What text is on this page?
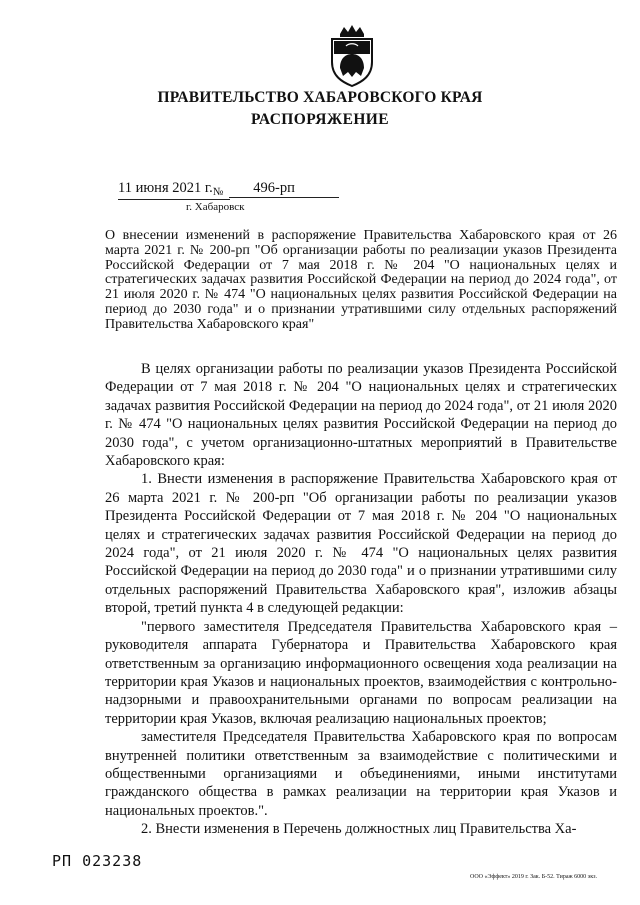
ПРАВИТЕЛЬСТВО ХАБАРОВСКОГО КРАЯ
РАСПОРЯЖЕНИЕ
11 июня 2021 $г._№$ 496-рп
г. Хабаровск
О внесении изменений в распоряжение Правительства Хабаровского края от 26 марта 2021 г. № 200-рп "Об организации работы по реализации указов Президента Российской Федерации от 7 мая 2018 г. № 204 "О национальных целях и стратегических задачах развития Российской Федерации на период до 2024 года", от 21 июля 2020 г. № 474 "О национальных целях развития Российской Федерации на период до 2030 года" и о признании утратившими силу отдельных распоряжений Правительства Хабаровского края"

В целях организации работы по реализации указов Президента Российской Федерации от 7 мая 2018 г. № 204 "О национальных целях и стратегических задачах развития Российской Федерации на период до 2024 года", от 21 июля 2020 г. № 474 "О национальных целях развития Российской Федерации на период до 2030 года", с учетом организационно-штатных мероприятий в Правительстве Хабаровского края:

1. Внести изменения в распоряжение Правительства Хабаровского края от 26 марта 2021 г. № 200-рп "Об организации работы по реализации указов Президента Российской Федерации от 7 мая 2018 г. № 204 "О национальных целях и стратегических задачах развития Российской Федерации на период до 2024 года", от 21 июля 2020 г. № 474 "О национальных целях развития Российской Федерации на период до 2030 года" и о признании утратившими силу отдельных распоряжений Правительства Хабаровского края", изложив абзацы второй, третий пункта 4 в следующей редакции:

"первого заместителя Председателя Правительства Хабаровского края – руководителя аппарата Губернатора и Правительства Хабаровского края ответственным за организацию информационного освещения хода реализации на территории края Указов и национальных проектов, взаимодействия с контрольно-надзорными и правоохранительными органами по вопросам реализации на территории края Указов, включая реализацию национальных проектов;

заместителя Председателя Правительства Хабаровского края по вопросам внутренней политики ответственным за взаимодействие с политическими и общественными организациями и объединениями, иными институтами гражданского общества в рамках реализации на территории края Указов и национальных проектов.".

2. Внести изменения в Перечень должностных лиц Правительства Ха-

РП 023238
ООО «Эффект» 2019 г. Зак. Б-52. Тираж 6000 экз.
